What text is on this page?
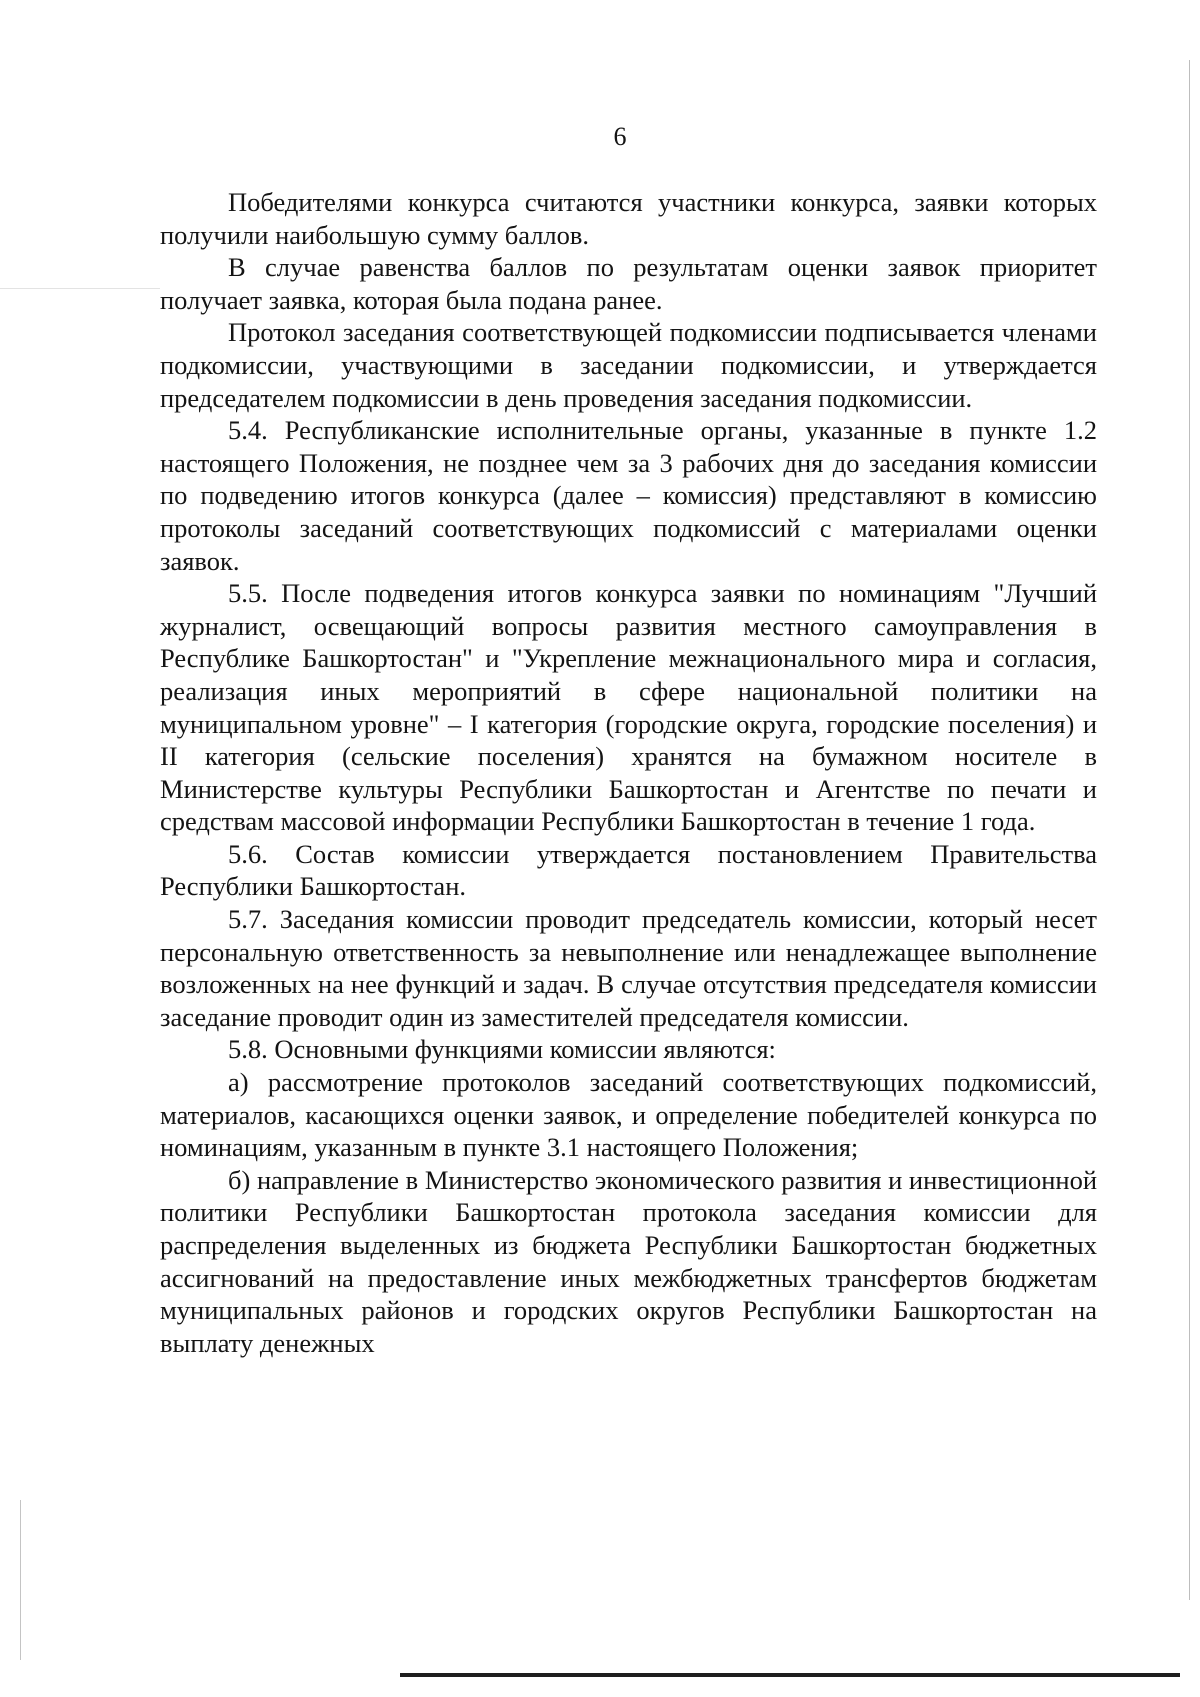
6

Победителями конкурса считаются участники конкурса, заявки которых получили наибольшую сумму баллов.

В случае равенства баллов по результатам оценки заявок приоритет получает заявка, которая была подана ранее.

Протокол заседания соответствующей подкомиссии подписывается членами подкомиссии, участвующими в заседании подкомиссии, и утверждается председателем подкомиссии в день проведения заседания подкомиссии.

5.4. Республиканские исполнительные органы, указанные в пункте 1.2 настоящего Положения, не позднее чем за 3 рабочих дня до заседания комиссии по подведению итогов конкурса (далее – комиссия) представляют в комиссию протоколы заседаний соответствующих подкомиссий с материалами оценки заявок.

5.5. После подведения итогов конкурса заявки по номинациям "Лучший журналист, освещающий вопросы развития местного самоуправления в Республике Башкортостан" и "Укрепление межнационального мира и согласия, реализация иных мероприятий в сфере национальной политики на муниципальном уровне" – I категория (городские округа, городские поселения) и II категория (сельские поселения) хранятся на бумажном носителе в Министерстве культуры Республики Башкортостан и Агентстве по печати и средствам массовой информации Республики Башкортостан в течение 1 года.

5.6. Состав комиссии утверждается постановлением Правительства Республики Башкортостан.

5.7. Заседания комиссии проводит председатель комиссии, который несет персональную ответственность за невыполнение или ненадлежащее выполнение возложенных на нее функций и задач. В случае отсутствия председателя комиссии заседание проводит один из заместителей председателя комиссии.

5.8. Основными функциями комиссии являются:

а) рассмотрение протоколов заседаний соответствующих подкомиссий, материалов, касающихся оценки заявок, и определение победителей конкурса по номинациям, указанным в пункте 3.1 настоящего Положения;

б) направление в Министерство экономического развития и инвестиционной политики Республики Башкортостан протокола заседания комиссии для распределения выделенных из бюджета Республики Башкортостан бюджетных ассигнований на предоставление иных межбюджетных трансфертов бюджетам муниципальных районов и городских округов Республики Башкортостан на выплату денежных
